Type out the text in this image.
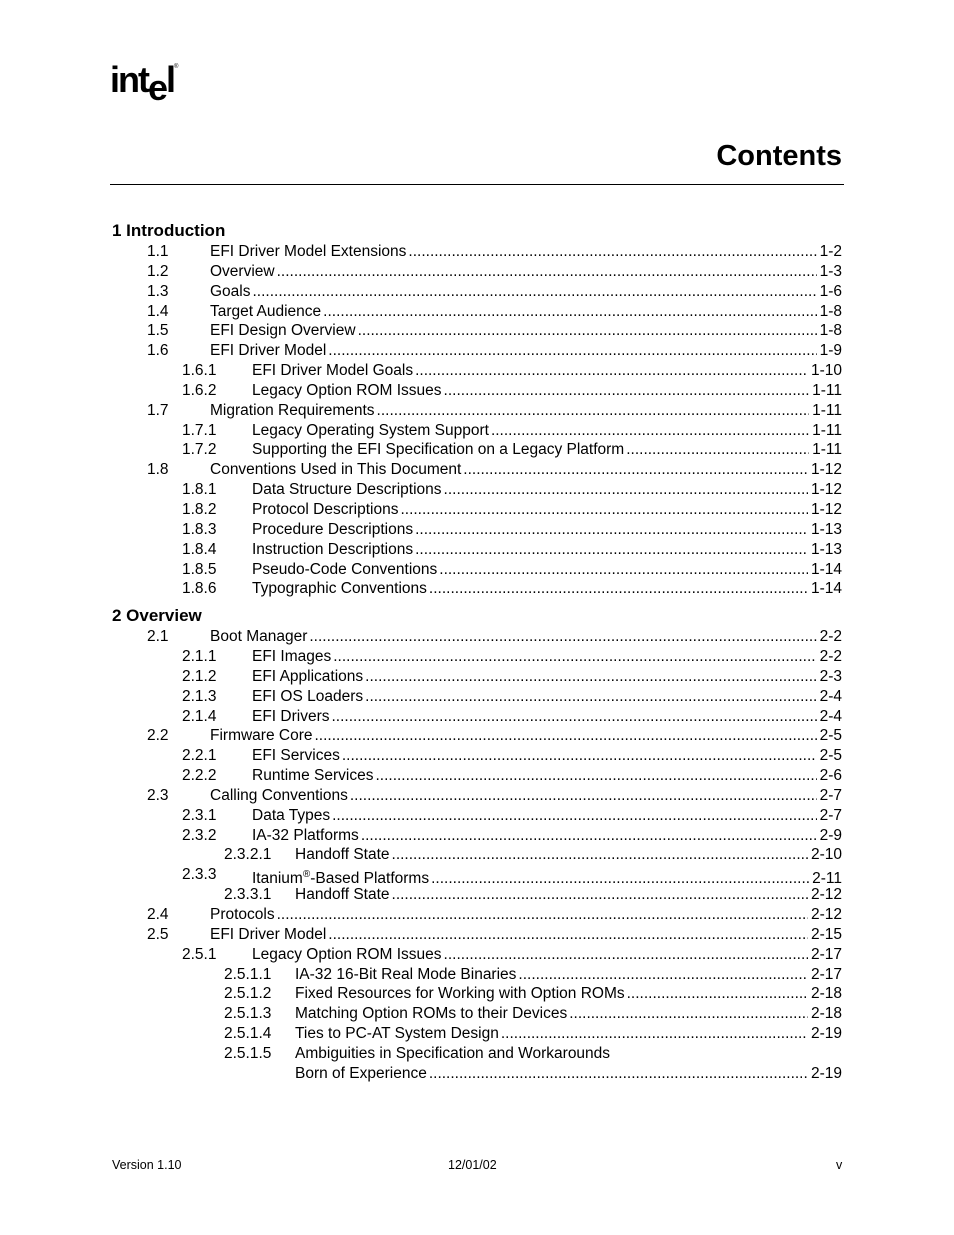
intel®
Contents
1 Introduction
1.1	EFI Driver Model Extensions .....	1-2
1.2	Overview .....	1-3
1.3	Goals .....	1-6
1.4	Target Audience .....	1-8
1.5	EFI Design Overview .....	1-8
1.6	EFI Driver Model .....	1-9
1.6.1 EFI Driver Model Goals .....	1-10
1.6.2 Legacy Option ROM Issues .....	1-11
1.7	Migration Requirements .....	1-11
1.7.1 Legacy Operating System Support .....	1-11
1.7.2 Supporting the EFI Specification on a Legacy Platform .....	1-11
1.8	Conventions Used in This Document .....	1-12
1.8.1 Data Structure Descriptions .....	1-12
1.8.2 Protocol Descriptions .....	1-12
1.8.3 Procedure Descriptions .....	1-13
1.8.4 Instruction Descriptions .....	1-13
1.8.5 Pseudo-Code Conventions .....	1-14
1.8.6 Typographic Conventions .....	1-14
2 Overview
2.1	Boot Manager .....	2-2
2.1.1 EFI Images .....	2-2
2.1.2 EFI Applications .....	2-3
2.1.3 EFI OS Loaders .....	2-4
2.1.4 EFI Drivers .....	2-4
2.2	Firmware Core .....	2-5
2.2.1 EFI Services .....	2-5
2.2.2 Runtime Services .....	2-6
2.3	Calling Conventions .....	2-7
2.3.1 Data Types .....	2-7
2.3.2 IA-32 Platforms .....	2-9
2.3.2.1 Handoff State .....	2-10
2.3.3 Itanium®-Based Platforms .....	2-11
2.3.3.1 Handoff State .....	2-12
2.4	Protocols .....	2-12
2.5	EFI Driver Model .....	2-15
2.5.1 Legacy Option ROM Issues .....	2-17
2.5.1.1 IA-32 16-Bit Real Mode Binaries .....	2-17
2.5.1.2 Fixed Resources for Working with Option ROMs .....	2-18
2.5.1.3 Matching Option ROMs to their Devices .....	2-18
2.5.1.4 Ties to PC-AT System Design .....	2-19
2.5.1.5 Ambiguities in Specification and Workarounds
Born of Experience .....	2-19
Version 1.10	12/01/02	v
